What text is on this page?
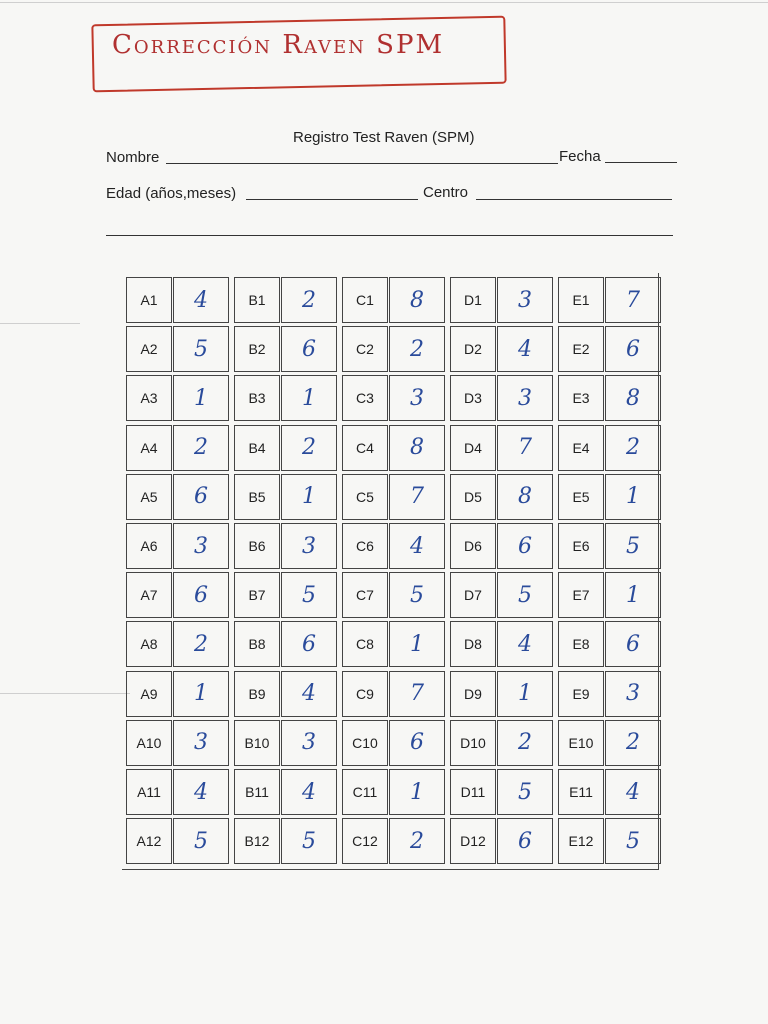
Corrección Raven SPM
Registro Test Raven (SPM)
Nombre	Fecha
Edad (años,meses)	Centro
A1	4
A2	5
A3	1
A4	2
A5	6
A6	3
A7	6
A8	2
A9	1
A10	3
A11	4
A12	5
B1	2
B2	6
B3	1
B4	2
B5	1
B6	3
B7	5
B8	6
B9	4
B10	3
B11	4
B12	5
C1	8
C2	2
C3	3
C4	8
C5	7
C6	4
C7	5
C8	1
C9	7
C10	6
C11	1
C12	2
D1	3
D2	4
D3	3
D4	7
D5	8
D6	6
D7	5
D8	4
D9	1
D10	2
D11	5
D12	6
E1	7
E2	6
E3	8
E4	2
E5	1
E6	5
E7	1
E8	6
E9	3
E10	2
E11	4
E12	5
